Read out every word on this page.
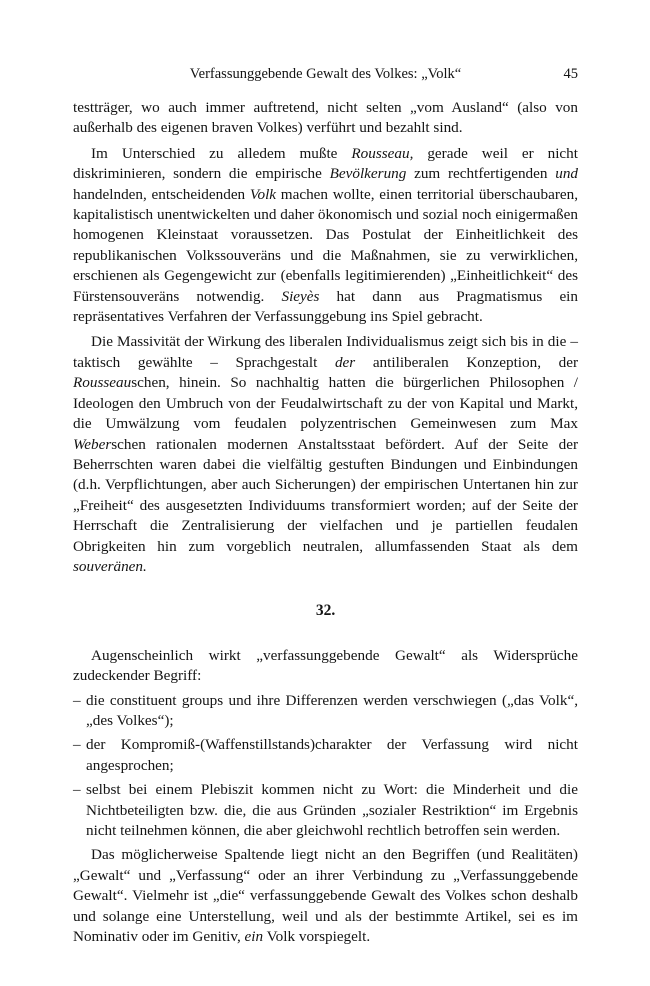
Verfassunggebende Gewalt des Volkes: „Volk“	45

testträger, wo auch immer auftretend, nicht selten „vom Ausland“ (also von außerhalb des eigenen braven Volkes) verführt und bezahlt sind.

Im Unterschied zu alledem mußte Rousseau, gerade weil er nicht diskriminieren, sondern die empirische Bevölkerung zum rechtfertigenden und handelnden, entscheidenden Volk machen wollte, einen territorial überschaubaren, kapitalistisch unentwickelten und daher ökonomisch und sozial noch einigermaßen homogenen Kleinstaat voraussetzen. Das Postulat der Einheitlichkeit des republikanischen Volkssouveräns und die Maßnahmen, sie zu verwirklichen, erschienen als Gegengewicht zur (ebenfalls legitimierenden) „Einheitlichkeit“ des Fürstensouveräns notwendig. Sieyès hat dann aus Pragmatismus ein repräsentatives Verfahren der Verfassunggebung ins Spiel gebracht.

Die Massivität der Wirkung des liberalen Individualismus zeigt sich bis in die – taktisch gewählte – Sprachgestalt der antiliberalen Konzeption, der Rousseauschen, hinein. So nachhaltig hatten die bürgerlichen Philosophen / Ideologen den Umbruch von der Feudalwirtschaft zu der von Kapital und Markt, die Umwälzung vom feudalen polyzentrischen Gemeinwesen zum Max Weberschen rationalen modernen Anstaltsstaat befördert. Auf der Seite der Beherrschten waren dabei die vielfältig gestuften Bindungen und Einbindungen (d.h. Verpflichtungen, aber auch Sicherungen) der empirischen Untertanen hin zur „Freiheit“ des ausgesetzten Individuums transformiert worden; auf der Seite der Herrschaft die Zentralisierung der vielfachen und je partiellen feudalen Obrigkeiten hin zum vorgeblich neutralen, allumfassenden Staat als dem souveränen.

32.

Augenscheinlich wirkt „verfassunggebende Gewalt“ als Widersprüche zudeckender Begriff:

– die constituent groups und ihre Differenzen werden verschwiegen („das Volk“, „des Volkes“);
– der Kompromiß-(Waffenstillstands)charakter der Verfassung wird nicht angesprochen;
– selbst bei einem Plebiszit kommen nicht zu Wort: die Minderheit und die Nichtbeteiligten bzw. die, die aus Gründen „sozialer Restriktion“ im Ergebnis nicht teilnehmen können, die aber gleichwohl rechtlich betroffen sein werden.

Das möglicherweise Spaltende liegt nicht an den Begriffen (und Realitäten) „Gewalt“ und „Verfassung“ oder an ihrer Verbindung zu „Verfassunggebende Gewalt“. Vielmehr ist „die“ verfassunggebende Gewalt des Volkes schon deshalb und solange eine Unterstellung, weil und als der bestimmte Artikel, sei es im Nominativ oder im Genitiv, ein Volk vorspiegelt.
